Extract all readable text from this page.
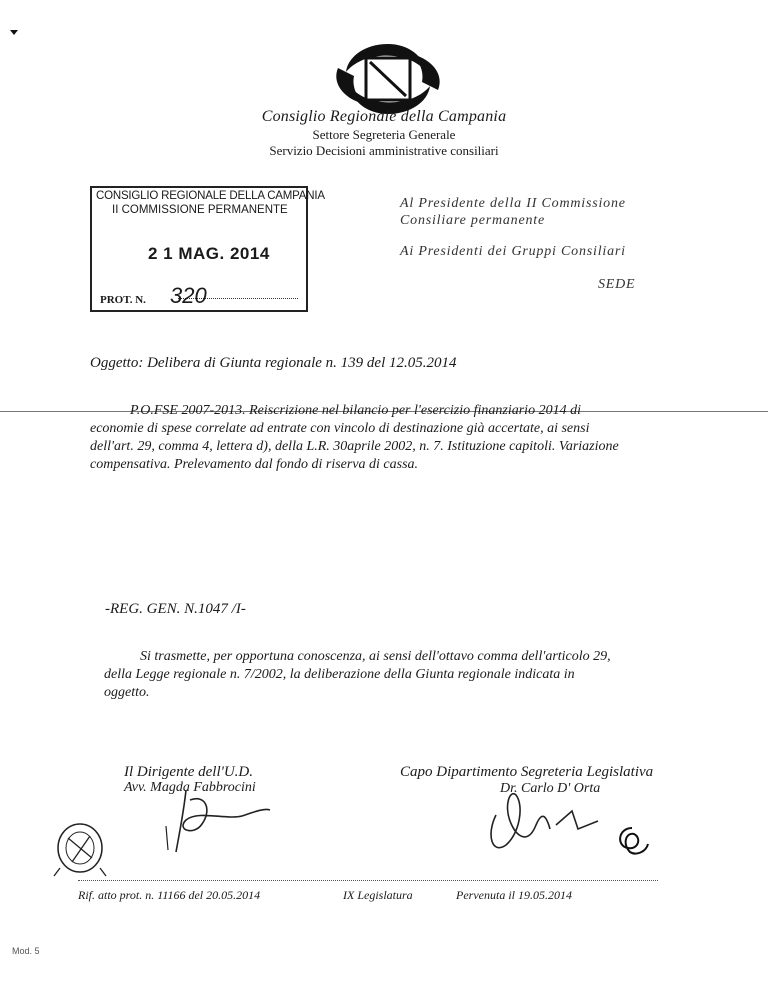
Consiglio Regionale della Campania
Settore Segreteria Generale
Servizio Decisioni amministrative consiliari
CONSIGLIO REGIONALE DELLA CAMPANIA
II COMMISSIONE PERMANENTE
2 1 MAG. 2014
PROT. N. 320
Al Presidente della II Commissione
Consiliare permanente
Ai Presidenti dei Gruppi Consiliari
SEDE
Oggetto: Delibera di Giunta regionale n. 139 del 12.05.2014
P.O.FSE 2007-2013. Reiscrizione nel bilancio per l'esercizio finanziario 2014 di
economie di spese correlate ad entrate con vincolo di destinazione già accertate, ai sensi
dell'art. 29, comma 4, lettera d), della L.R. 30aprile 2002, n. 7. Istituzione capitoli. Variazione
compensativa. Prelevamento dal fondo di riserva di cassa.
-REG. GEN. N.1047 /I-
Si trasmette, per opportuna conoscenza, ai sensi dell'ottavo comma dell'articolo 29,
della Legge regionale n. 7/2002, la deliberazione della Giunta regionale indicata in
oggetto.
Il Dirigente dell'U.D.
Avv. Magda Fabbrocini
Capo Dipartimento Segreteria Legislativa
Dr. Carlo D' Orta
Rif. atto prot. n. 11166 del 20.05.2014	IX Legislatura	Pervenuta il 19.05.2014
Mod. 5
